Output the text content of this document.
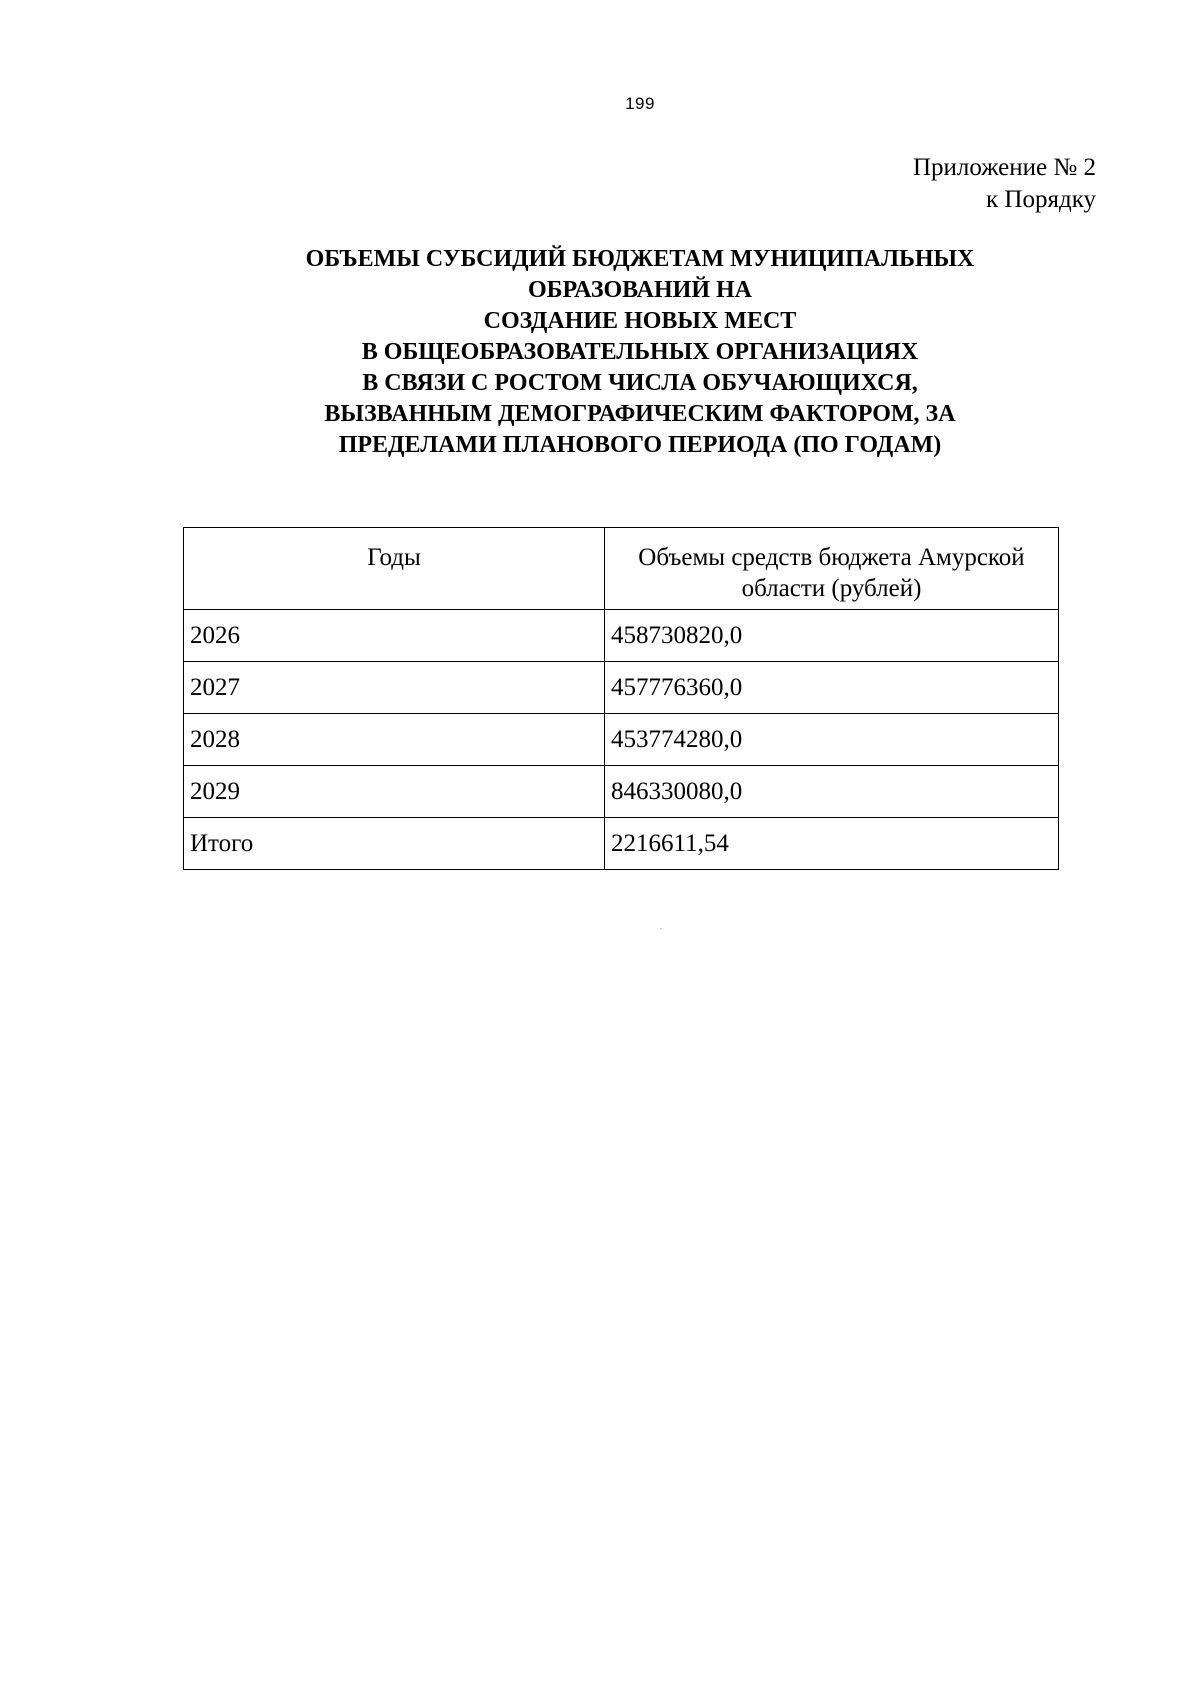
199
Приложение № 2
к Порядку
ОБЪЕМЫ СУБСИДИЙ БЮДЖЕТАМ МУНИЦИПАЛЬНЫХ
ОБРАЗОВАНИЙ НА
СОЗДАНИЕ НОВЫХ МЕСТ
В ОБЩЕОБРАЗОВАТЕЛЬНЫХ ОРГАНИЗАЦИЯХ
В СВЯЗИ С РОСТОМ ЧИСЛА ОБУЧАЮЩИХСЯ,
ВЫЗВАННЫМ ДЕМОГРАФИЧЕСКИМ ФАКТОРОМ, ЗА
ПРЕДЕЛАМИ ПЛАНОВОГО ПЕРИОДА (ПО ГОДАМ)
Годы	Объемы средств бюджета Амурской
области (рублей)
2026	458730820,0
2027	457776360,0
2028	453774280,0
2029	846330080,0
Итого	2216611,54
